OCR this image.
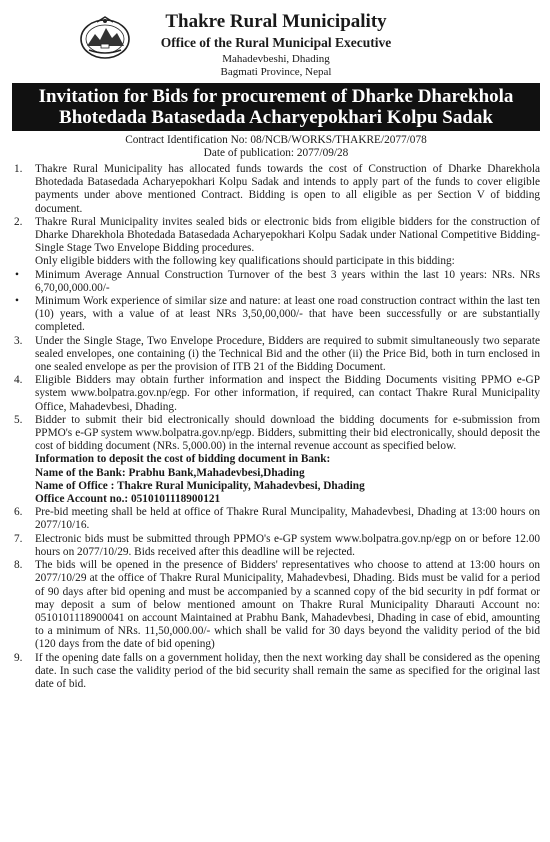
Thakre Rural Municipality
Office of the Rural Municipal Executive
Mahadevbeshi, Dhading
Bagmati Province, Nepal
Invitation for Bids for procurement of Dharke Dharekhola
Bhotedada Batasedada Acharyepokhari Kolpu Sadak
Contract Identification No: 08/NCB/WORKS/THAKRE/2077/078
Date of publication: 2077/09/28
1.	Thakre Rural Municipality has allocated funds towards the cost of Construction of Dharke Dharekhola Bhotedada Batasedada Acharyepokhari Kolpu Sadak and intends to apply part of the funds to cover eligible payments under above mentioned Contract. Bidding is open to all eligible as per Section V of bidding document.
2.	Thakre Rural Municipality invites sealed bids or electronic bids from eligible bidders for the construction of Dharke Dharekhola Bhotedada Batasedada Acharyepokhari Kolpu Sadak under National Competitive Bidding-Single Stage Two Envelope Bidding procedures.
Only eligible bidders with the following key qualifications should participate in this bidding:
• Minimum Average Annual Construction Turnover of the best 3 years within the last 10 years: NRs. NRs 6,70,00,000.00/-
• Minimum Work experience of similar size and nature: at least one road construction contract within the last ten (10) years, with a value of at least NRs 3,50,00,000/- that have been successfully or are substantially completed.
3.	Under the Single Stage, Two Envelope Procedure, Bidders are required to submit simultaneously two separate sealed envelopes, one containing (i) the Technical Bid and the other (ii) the Price Bid, both in turn enclosed in one sealed envelope as per the provision of ITB 21 of the Bidding Document.
4.	Eligible Bidders may obtain further information and inspect the Bidding Documents visiting PPMO e-GP system www.bolpatra.gov.np/egp. For other information, if required, can contact Thakre Rural Municipality Office, Mahadevbesi, Dhading.
5.	Bidder to submit their bid electronically should download the bidding documents for e-submission from PPMO's e-GP system www.bolpatra.gov.np/egp. Bidders, submitting their bid electronically, should deposit the cost of bidding document (NRs. 5,000.00) in the internal revenue account as specified below.
Information to deposit the cost of bidding document in Bank:
Name of the Bank: Prabhu Bank,Mahadevbesi,Dhading
Name of Office : Thakre Rural Municipality, Mahadevbesi, Dhading
Office Account no.: 0510101118900121
6.	Pre-bid meeting shall be held at office of Thakre Rural Muncipality, Mahadevbesi, Dhading at 13:00 hours on 2077/10/16.
7.	Electronic bids must be submitted through PPMO's e-GP system www.bolpatra.gov.np/egp on or before 12.00 hours on 2077/10/29. Bids received after this deadline will be rejected.
8.	The bids will be opened in the presence of Bidders' representatives who choose to attend at 13:00 hours on 2077/10/29 at the office of Thakre Rural Municipality, Mahadevbesi, Dhading. Bids must be valid for a period of 90 days after bid opening and must be accompanied by a scanned copy of the bid security in pdf format or may deposit a sum of below mentioned amount on Thakre Rural Municipality Dharauti Account no: 0510101118900041 on account Maintained at Prabhu Bank, Mahadevbesi, Dhading in case of ebid, amounting to a minimum of NRs. 11,50,000.00/- which shall be valid for 30 days beyond the validity period of the bid (120 days from the date of bid opening)
9.	If the opening date falls on a government holiday, then the next working day shall be considered as the opening date. In such case the validity period of the bid security shall remain the same as specified for the original last date of bid.
